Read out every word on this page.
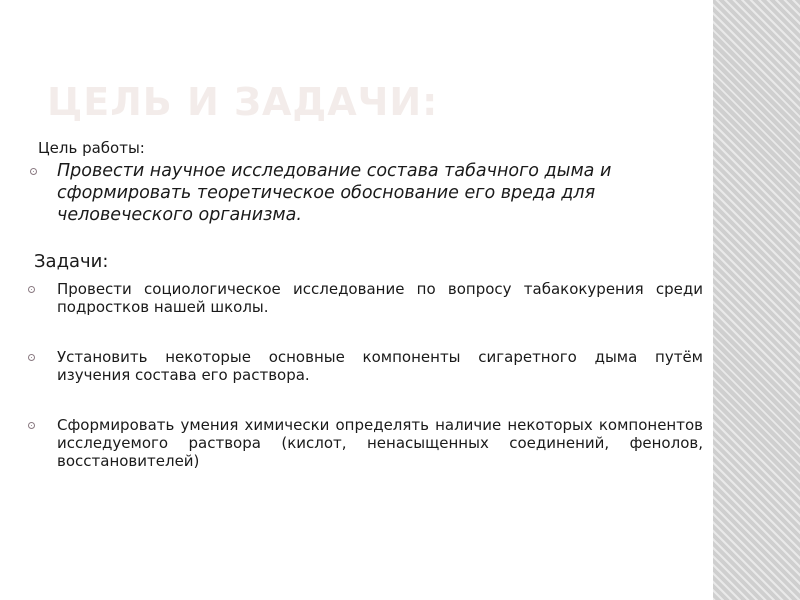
ЦЕЛЬ И ЗАДАЧИ:
Цель работы:
Провести научное исследование состава табачного дыма и сформировать теоретическое обоснование его вреда для человеческого организма.
Задачи:
Провести социологическое исследование по вопросу табакокурения среди подростков нашей школы.
Установить некоторые основные компоненты сигаретного дыма путём изучения состава его раствора.
Сформировать умения химически определять наличие некоторых компонентов исследуемого раствора (кислот, ненасыщенных соединений, фенолов, восстановителей)
